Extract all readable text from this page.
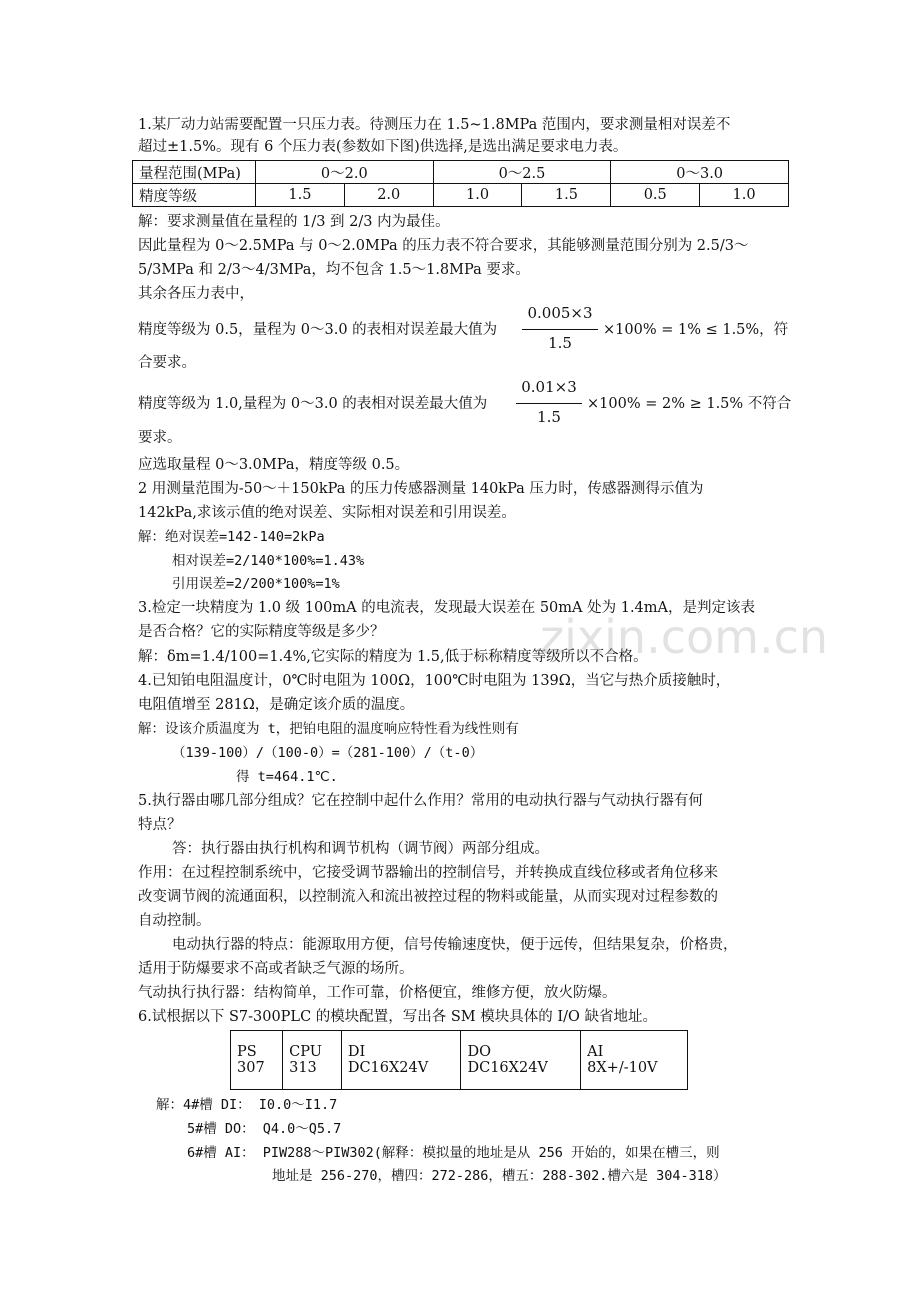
1.某厂动力站需要配置一只压力表。待测压力在 1.5~1.8MPa 范围内，要求测量相对误差不
超过±1.5%。现有 6 个压力表(参数如下图)供选择,是选出满足要求电力表。
量程范围(MPa)	0～2.0		0～2.5		0～3.0	
精度等级	1.5	2.0	1.0	1.5	0.5	1.0
解：要求测量值在量程的 1/3 到 2/3 内为最佳。
因此量程为 0～2.5MPa 与 0～2.0MPa 的压力表不符合要求，其能够测量范围分别为 2.5/3～
5/3MPa 和 2/3～4/3MPa，均不包含 1.5～1.8MPa 要求。
其余各压力表中，
精度等级为 0.5，量程为 0～3.0 的表相对误差最大值为
0.005×3
1.5
×100% = 1% ≤ 1.5%，符
合要求。
精度等级为 1.0,量程为 0～3.0 的表相对误差最大值为
0.01×3
1.5
×100% = 2% ≥ 1.5% 不符合
要求。
应选取量程 0～3.0MPa，精度等级 0.5。
2 用测量范围为-50～＋150kPa 的压力传感器测量 140kPa 压力时，传感器测得示值为
142kPa,求该示值的绝对误差、实际相对误差和引用误差。
解：绝对误差=142-140=2kPa
相对误差=2/140*100%=1.43%
引用误差=2/200*100%=1%
3.检定一块精度为 1.0 级 100mA 的电流表，发现最大误差在 50mA 处为 1.4mA，是判定该表
是否合格？它的实际精度等级是多少？
解：δm=1.4/100=1.4%,它实际的精度为 1.5,低于标称精度等级所以不合格。
4.已知铂电阻温度计，0℃时电阻为 100Ω，100℃时电阻为 139Ω，当它与热介质接触时，
电阻值增至 281Ω，是确定该介质的温度。
解：设该介质温度为 t，把铂电阻的温度响应特性看为线性则有
（139-100）/（100-0）=（281-100）/（t-0）
得 t=464.1℃.
5.执行器由哪几部分组成？它在控制中起什么作用？常用的电动执行器与气动执行器有何
特点？
答：执行器由执行机构和调节机构（调节阀）两部分组成。
作用：在过程控制系统中，它接受调节器输出的控制信号，并转换成直线位移或者角位移来
改变调节阀的流通面积，以控制流入和流出被控过程的物料或能量，从而实现对过程参数的
自动控制。
电动执行器的特点：能源取用方便，信号传输速度快，便于远传，但结果复杂，价格贵，
适用于防爆要求不高或者缺乏气源的场所。
气动执行执行器：结构简单，工作可靠，价格便宜，维修方便，放火防爆。
6.试根据以下 S7-300PLC 的模块配置，写出各 SM 模块具体的 I/O 缺省地址。
PS
307

CPU
313

DI
DC16X24V

DO
DC16X24V

AI
8X+/-10V
解：4#槽 DI： I0.0～I1.7
5#槽 DO： Q4.0～Q5.7
6#槽 AI： PIW288～PIW302(解释：模拟量的地址是从 256 开始的，如果在槽三，则
地址是 256-270，槽四：272-286，槽五：288-302.槽六是 304-318）
zixin.com.cn
